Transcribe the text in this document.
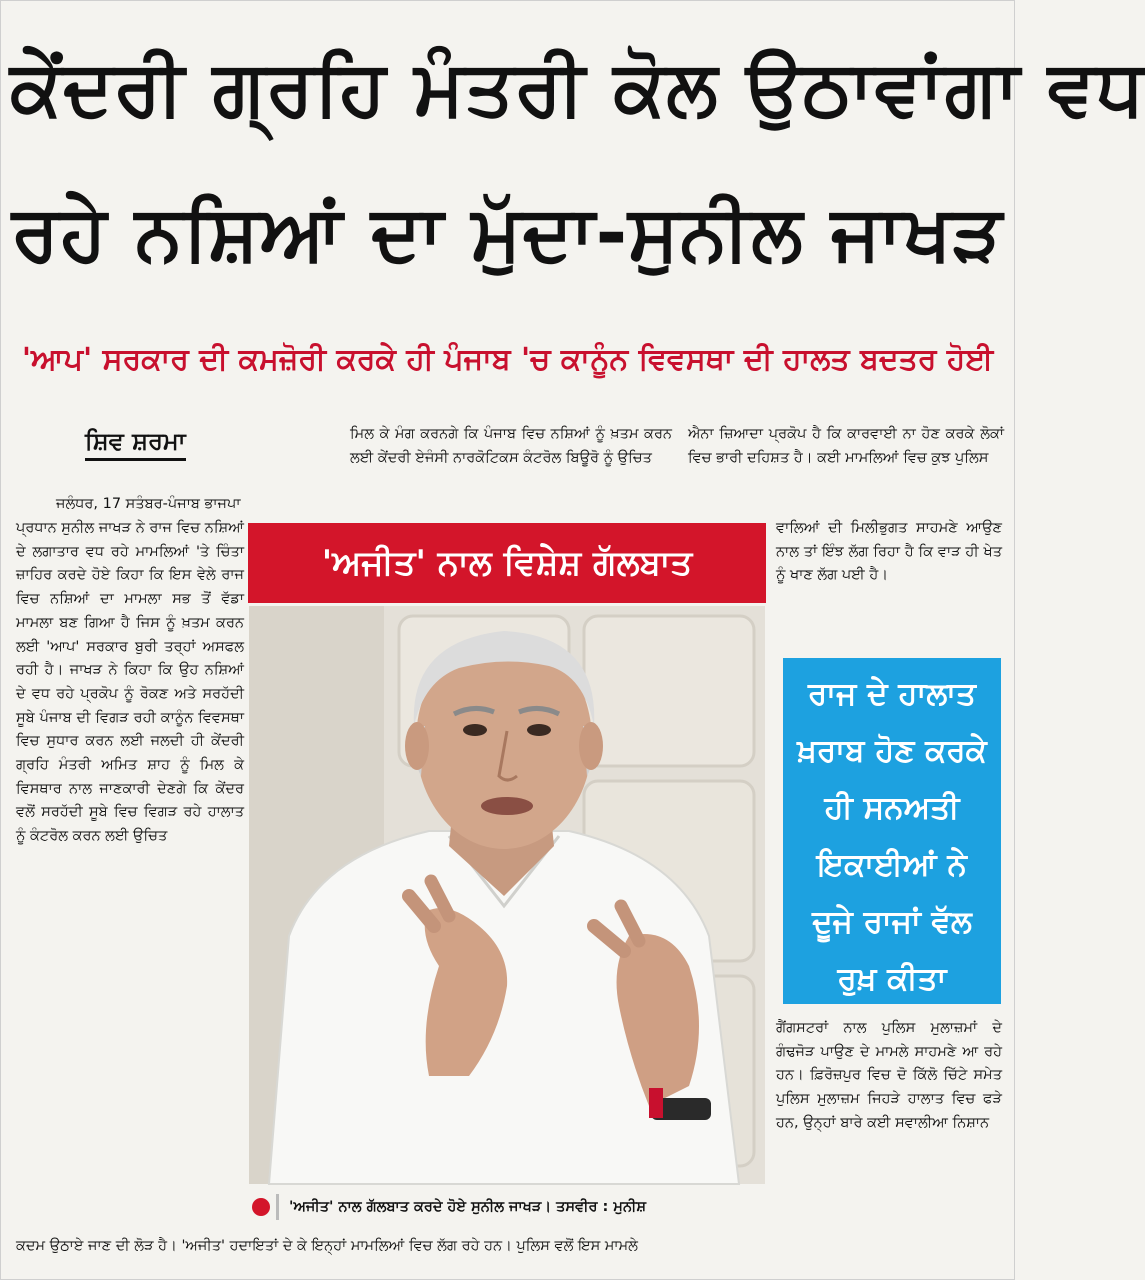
ਕੇਂਦਰੀ ਗ੍ਰਹਿ ਮੰਤਰੀ ਕੋਲ ਉਠਾਵਾਂਗਾ ਵਧ
ਰਹੇ ਨਸ਼ਿਆਂ ਦਾ ਮੁੱਦਾ-ਸੁਨੀਲ ਜਾਖੜ
'ਆਪ' ਸਰਕਾਰ ਦੀ ਕਮਜ਼ੋਰੀ ਕਰਕੇ ਹੀ ਪੰਜਾਬ 'ਚ ਕਾਨੂੰਨ ਵਿਵਸਥਾ ਦੀ ਹਾਲਤ ਬਦਤਰ ਹੋਈ
ਸ਼ਿਵ ਸ਼ਰਮਾ
ਜਲੰਧਰ, 17 ਸਤੰਬਰ-ਪੰਜਾਬ ਭਾਜਪਾ
ਪ੍ਰਧਾਨ ਸੁਨੀਲ ਜਾਖੜ ਨੇ ਰਾਜ ਵਿਚ ਨਸ਼ਿਆਂ ਦੇ ਲਗਾਤਾਰ ਵਧ ਰਹੇ ਮਾਮਲਿਆਂ 'ਤੇ ਚਿੰਤਾ ਜ਼ਾਹਿਰ ਕਰਦੇ ਹੋਏ ਕਿਹਾ ਕਿ ਇਸ ਵੇਲੇ ਰਾਜ ਵਿਚ ਨਸ਼ਿਆਂ ਦਾ ਮਾਮਲਾ ਸਭ ਤੋਂ ਵੱਡਾ ਮਾਮਲਾ ਬਣ ਗਿਆ ਹੈ ਜਿਸ ਨੂੰ ਖ਼ਤਮ ਕਰਨ ਲਈ 'ਆਪ' ਸਰਕਾਰ ਬੁਰੀ ਤਰ੍ਹਾਂ ਅਸਫਲ ਰਹੀ ਹੈ। ਜਾਖੜ ਨੇ ਕਿਹਾ ਕਿ ਉਹ ਨਸ਼ਿਆਂ ਦੇ ਵਧ ਰਹੇ ਪ੍ਰਕੋਪ ਨੂੰ ਰੋਕਣ ਅਤੇ ਸਰਹੱਦੀ ਸੂਬੇ ਪੰਜਾਬ ਦੀ ਵਿਗੜ ਰਹੀ ਕਾਨੂੰਨ ਵਿਵਸਥਾ ਵਿਚ ਸੁਧਾਰ ਕਰਨ ਲਈ ਜਲਦੀ ਹੀ ਕੇਂਦਰੀ ਗ੍ਰਹਿ ਮੰਤਰੀ ਅਮਿਤ ਸ਼ਾਹ ਨੂੰ ਮਿਲ ਕੇ ਵਿਸਥਾਰ ਨਾਲ ਜਾਣਕਾਰੀ ਦੇਣਗੇ ਕਿ ਕੇਂਦਰ ਵਲੋਂ ਸਰਹੱਦੀ ਸੂਬੇ ਵਿਚ ਵਿਗੜ ਰਹੇ ਹਾਲਾਤ ਨੂੰ ਕੰਟਰੋਲ ਕਰਨ ਲਈ ਉਚਿਤ
ਮਿਲ ਕੇ ਮੰਗ ਕਰਨਗੇ ਕਿ ਪੰਜਾਬ ਵਿਚ ਨਸ਼ਿਆਂ ਨੂੰ ਖ਼ਤਮ ਕਰਨ ਲਈ ਕੇਂਦਰੀ ਏਜੰਸੀ ਨਾਰਕੋਟਿਕਸ ਕੰਟਰੋਲ ਬਿਊਰੋ ਨੂੰ ਉਚਿਤ
ਐਨਾ ਜ਼ਿਆਦਾ ਪ੍ਰਕੋਪ ਹੈ ਕਿ ਕਾਰਵਾਈ ਨਾ ਹੋਣ ਕਰਕੇ ਲੋਕਾਂ ਵਿਚ ਭਾਰੀ ਦਹਿਸ਼ਤ ਹੈ। ਕਈ ਮਾਮਲਿਆਂ ਵਿਚ ਕੁਝ ਪੁਲਿਸ
ਵਾਲਿਆਂ ਦੀ ਮਿਲੀਭੁਗਤ ਸਾਹਮਣੇ ਆਉਣ ਨਾਲ ਤਾਂ ਇੰਝ ਲੱਗ ਰਿਹਾ ਹੈ ਕਿ ਵਾੜ ਹੀ ਖੇਤ ਨੂੰ ਖਾਣ ਲੱਗ ਪਈ ਹੈ।
ਗੈਂਗਸਟਰਾਂ ਨਾਲ ਪੁਲਿਸ ਮੁਲਾਜ਼ਮਾਂ ਦੇ ਗੰਢਜੋੜ ਪਾਉਣ ਦੇ ਮਾਮਲੇ ਸਾਹਮਣੇ ਆ ਰਹੇ ਹਨ। ਫ਼ਿਰੋਜ਼ਪੁਰ ਵਿਚ ਦੋ ਕਿੱਲੋ ਚਿੱਟੇ ਸਮੇਤ ਪੁਲਿਸ ਮੁਲਾਜ਼ਮ ਜਿਹੜੇ ਹਾਲਾਤ ਵਿਚ ਫੜੇ ਹਨ, ਉਨ੍ਹਾਂ ਬਾਰੇ ਕਈ ਸਵਾਲੀਆ ਨਿਸ਼ਾਨ
ਕਦਮ ਉਠਾਏ ਜਾਣ ਦੀ ਲੋੜ ਹੈ। 'ਅਜੀਤ' ਹਦਾਇਤਾਂ ਦੇ ਕੇ ਇਨ੍ਹਾਂ ਮਾਮਲਿਆਂ ਵਿਚ ਲੱਗ ਰਹੇ ਹਨ। ਪੁਲਿਸ ਵਲੋਂ ਇਸ ਮਾਮਲੇ
'ਅਜੀਤ' ਨਾਲ ਵਿਸ਼ੇਸ਼ ਗੱਲਬਾਤ
'ਅਜੀਤ' ਨਾਲ ਗੱਲਬਾਤ ਕਰਦੇ ਹੋਏ ਸੁਨੀਲ ਜਾਖੜ। ਤਸਵੀਰ : ਮੁਨੀਸ਼
ਰਾਜ ਦੇ ਹਾਲਾਤ
ਖ਼ਰਾਬ ਹੋਣ ਕਰਕੇ
ਹੀ ਸਨਅਤੀ
ਇਕਾਈਆਂ ਨੇ
ਦੂਜੇ ਰਾਜਾਂ ਵੱਲ
ਰੁਖ਼ ਕੀਤਾ
